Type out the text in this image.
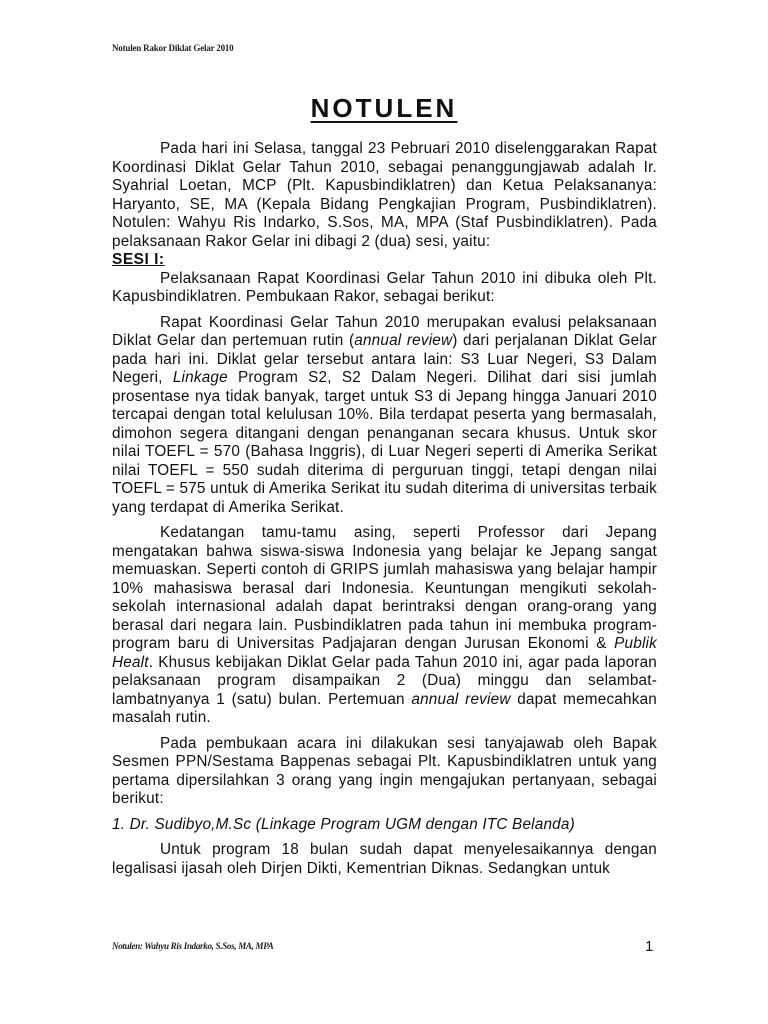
Notulen Rakor Diklat Gelar 2010
NOTULEN

Pada hari ini Selasa, tanggal 23 Pebruari 2010 diselenggarakan Rapat Koordinasi Diklat Gelar Tahun 2010, sebagai penanggungjawab adalah Ir. Syahrial Loetan, MCP (Plt. Kapusbindiklatren) dan Ketua Pelaksananya: Haryanto, SE, MA (Kepala Bidang Pengkajian Program, Pusbindiklatren). Notulen: Wahyu Ris Indarko, S.Sos, MA, MPA (Staf Pusbindiklatren). Pada pelaksanaan Rakor Gelar ini dibagi 2 (dua) sesi, yaitu:

SESI I:

Pelaksanaan Rapat Koordinasi Gelar Tahun 2010 ini dibuka oleh Plt. Kapusbindiklatren. Pembukaan Rakor, sebagai berikut:

Rapat Koordinasi Gelar Tahun 2010 merupakan evalusi pelaksanaan Diklat Gelar dan pertemuan rutin (annual review) dari perjalanan Diklat Gelar pada hari ini. Diklat gelar tersebut antara lain: S3 Luar Negeri, S3 Dalam Negeri, Linkage Program S2, S2 Dalam Negeri. Dilihat dari sisi jumlah prosentase nya tidak banyak, target untuk S3 di Jepang hingga Januari 2010 tercapai dengan total kelulusan 10%. Bila terdapat peserta yang bermasalah, dimohon segera ditangani dengan penanganan secara khusus. Untuk skor nilai TOEFL = 570 (Bahasa Inggris), di Luar Negeri seperti di Amerika Serikat nilai TOEFL = 550 sudah diterima di perguruan tinggi, tetapi dengan nilai TOEFL = 575 untuk di Amerika Serikat itu sudah diterima di universitas terbaik yang terdapat di Amerika Serikat.

Kedatangan tamu-tamu asing, seperti Professor dari Jepang mengatakan bahwa siswa-siswa Indonesia yang belajar ke Jepang sangat memuaskan. Seperti contoh di GRIPS jumlah mahasiswa yang belajar hampir 10% mahasiswa berasal dari Indonesia. Keuntungan mengikuti sekolah-sekolah internasional adalah dapat berintraksi dengan orang-orang yang berasal dari negara lain. Pusbindiklatren pada tahun ini membuka program-program baru di Universitas Padjajaran dengan Jurusan Ekonomi & Publik Healt. Khusus kebijakan Diklat Gelar pada Tahun 2010 ini, agar pada laporan pelaksanaan program disampaikan 2 (Dua) minggu dan selambat-lambatnyanya 1 (satu) bulan. Pertemuan annual review dapat memecahkan masalah rutin.

Pada pembukaan acara ini dilakukan sesi tanyajawab oleh Bapak Sesmen PPN/Sestama Bappenas sebagai Plt. Kapusbindiklatren untuk yang pertama dipersilahkan 3 orang yang ingin mengajukan pertanyaan, sebagai berikut:

1. Dr. Sudibyo,M.Sc (Linkage Program UGM dengan ITC Belanda)

Untuk program 18 bulan sudah dapat menyelesaikannya dengan legalisasi ijasah oleh Dirjen Dikti, Kementrian Diknas. Sedangkan untuk

Notulen: Wahyu Ris Indarko, S.Sos, MA, MPA	1
